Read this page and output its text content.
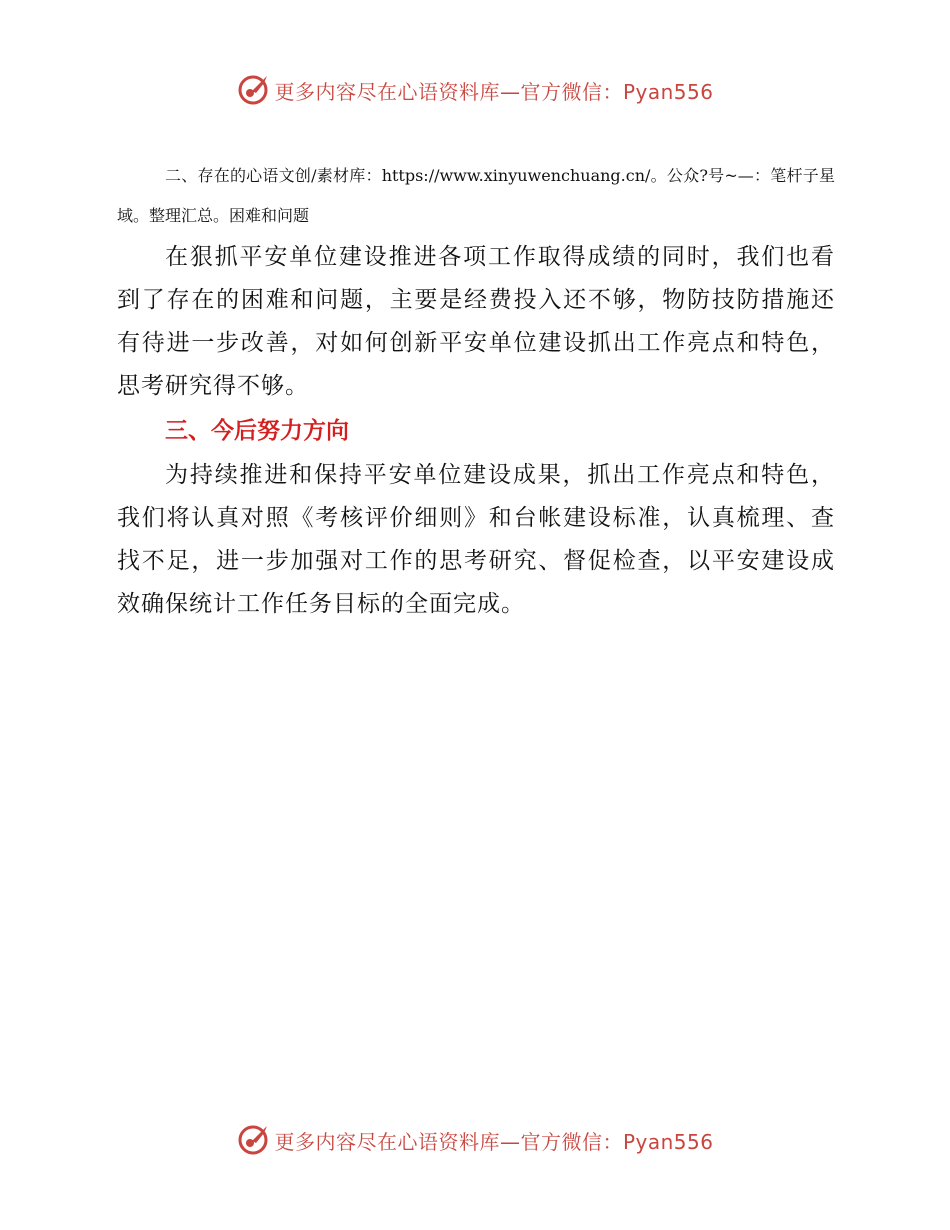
更多内容尽在心语资料库—官方微信：Pyan556

二、存在的心语文创/素材库：https://www.xinyuwenchuang.cn/。公众?号~—：笔杆子星域。整理汇总。困难和问题

在狠抓平安单位建设推进各项工作取得成绩的同时，我们也看到了存在的困难和问题，主要是经费投入还不够，物防技防措施还有待进一步改善，对如何创新平安单位建设抓出工作亮点和特色，思考研究得不够。

三、今后努力方向

为持续推进和保持平安单位建设成果，抓出工作亮点和特色，我们将认真对照《考核评价细则》和台帐建设标准，认真梳理、查找不足，进一步加强对工作的思考研究、督促检查，以平安建设成效确保统计工作任务目标的全面完成。

更多内容尽在心语资料库—官方微信：Pyan556
